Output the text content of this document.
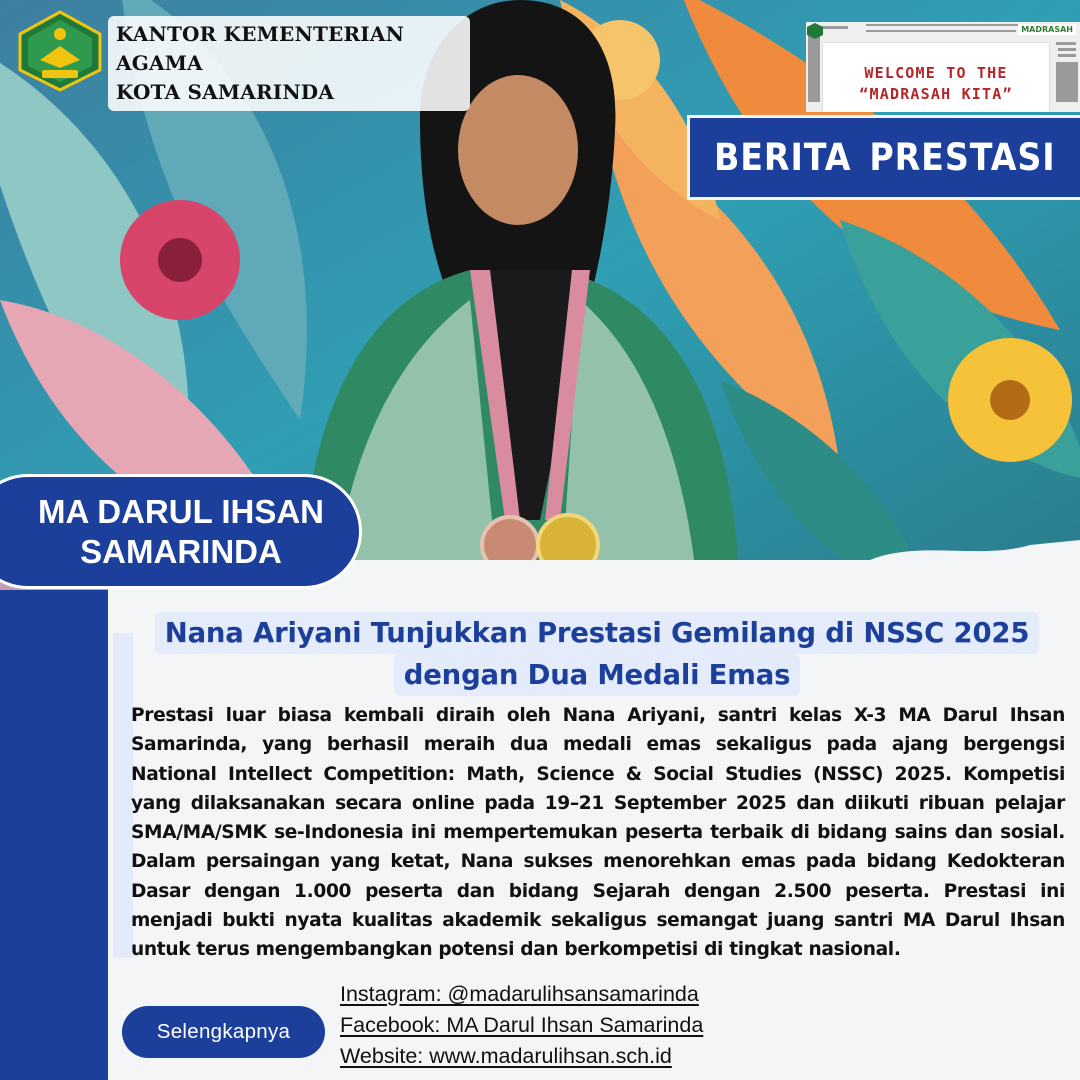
KANTOR KEMENTERIAN AGAMA
KOTA SAMARINDA
MADRASAH
WELCOME TO THE
“MADRASAH KITA”
BERITA PRESTASI
MA DARUL IHSAN
SAMARINDA
Nana Ariyani Tunjukkan Prestasi Gemilang di NSSC 2025
dengan Dua Medali Emas
Prestasi luar biasa kembali diraih oleh Nana Ariyani, santri kelas X-3 MA Darul Ihsan Samarinda, yang berhasil meraih dua medali emas sekaligus pada ajang bergengsi National Intellect Competition: Math, Science & Social Studies (NSSC) 2025. Kompetisi yang dilaksanakan secara online pada 19–21 September 2025 dan diikuti ribuan pelajar SMA/MA/SMK se-Indonesia ini mempertemukan peserta terbaik di bidang sains dan sosial. Dalam persaingan yang ketat, Nana sukses menorehkan emas pada bidang Kedokteran Dasar dengan 1.000 peserta dan bidang Sejarah dengan 2.500 peserta. Prestasi ini menjadi bukti nyata kualitas akademik sekaligus semangat juang santri MA Darul Ihsan untuk terus mengembangkan potensi dan berkompetisi di tingkat nasional.
Selengkapnya
Instagram: @madarulihsansamarinda
Facebook: MA Darul Ihsan Samarinda
Website: www.madarulihsan.sch.id
